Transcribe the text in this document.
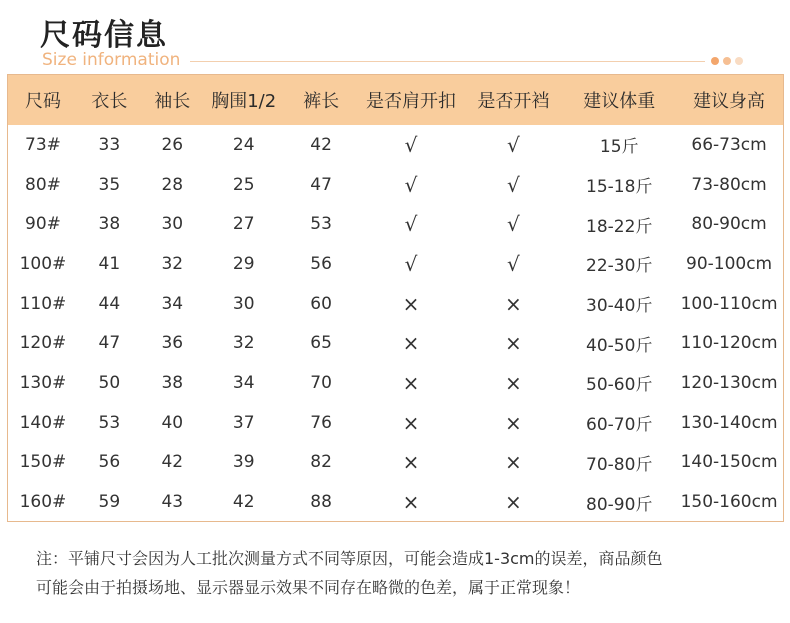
尺码信息
Size information
尺码	衣长	袖长	胸围1/2	裤长	是否肩开扣	是否开裆	建议体重	建议身高
73#	33	26	24	42	√	√	15斤	66-73cm
80#	35	28	25	47	√	√	15-18斤	73-80cm
90#	38	30	27	53	√	√	18-22斤	80-90cm
100#	41	32	29	56	√	√	22-30斤	90-100cm
110#	44	34	30	60	×	×	30-40斤	100-110cm
120#	47	36	32	65	×	×	40-50斤	110-120cm
130#	50	38	34	70	×	×	50-60斤	120-130cm
140#	53	40	37	76	×	×	60-70斤	130-140cm
150#	56	42	39	82	×	×	70-80斤	140-150cm
160#	59	43	42	88	×	×	80-90斤	150-160cm
注：平铺尺寸会因为人工批次测量方式不同等原因，可能会造成1-3cm的误差，商品颜色
可能会由于拍摄场地、显示器显示效果不同存在略微的色差，属于正常现象！
